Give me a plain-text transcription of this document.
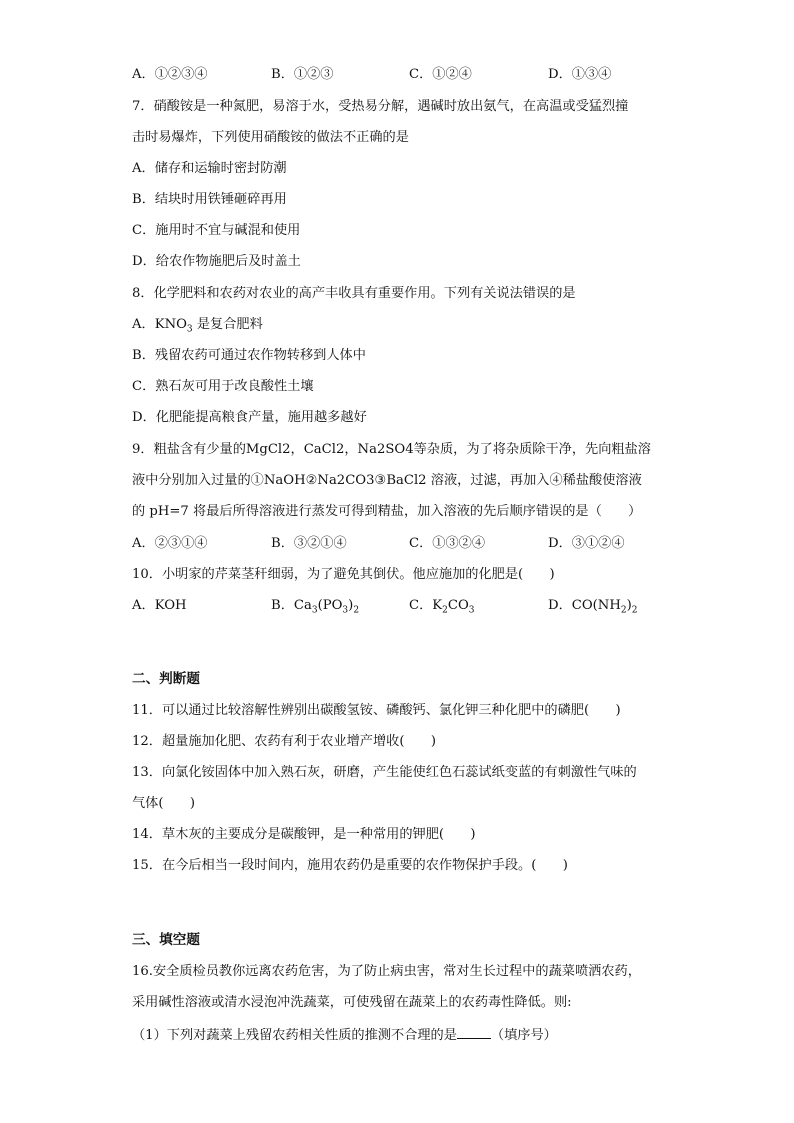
A．①②③④	B．①②③	C．①②④	D．①③④
7．硝酸铵是一种氮肥，易溶于水，受热易分解，遇碱时放出氨气，在高温或受猛烈撞
击时易爆炸，下列使用硝酸铵的做法不正确的是
A．储存和运输时密封防潮
B．结块时用铁锤砸碎再用
C．施用时不宜与碱混和使用
D．给农作物施肥后及时盖土
8．化学肥料和农药对农业的高产丰收具有重要作用。下列有关说法错误的是
A．$KNO_3$ 是复合肥料
B．残留农药可通过农作物转移到人体中
C．熟石灰可用于改良酸性土壤
D．化肥能提高粮食产量，施用越多越好
9．粗盐含有少量的MgCl2，CaCl2，Na2SO4等杂质，为了将杂质除干净，先向粗盐溶
液中分别加入过量的①NaOH②Na2CO3③BaCl2 溶液，过滤，再加入④稀盐酸使溶液
的 pH=7 将最后所得溶液进行蒸发可得到精盐，加入溶液的先后顺序错误的是（　　）
A．②③①④	B．③②①④	C．①③②④	D．③①②④
10．小明家的芹菜茎秆细弱，为了避免其倒伏。他应施加的化肥是(　　)
A．KOH	B．$Ca_3(PO_3)_2$	C．$K_2CO_3$	D．$CO(NH_2)_2$
二、判断题
11．可以通过比较溶解性辨别出碳酸氢铵、磷酸钙、氯化钾三种化肥中的磷肥(　　)
12．超量施加化肥、农药有利于农业增产增收(　　)
13．向氯化铵固体中加入熟石灰，研磨，产生能使红色石蕊试纸变蓝的有刺激性气味的
气体(　　)
14．草木灰的主要成分是碳酸钾，是一种常用的钾肥(　　)
15．在今后相当一段时间内，施用农药仍是重要的农作物保护手段。(　　)
三、填空题
16.安全质检员教你远离农药危害，为了防止病虫害，常对生长过程中的蔬菜喷洒农药，
采用碱性溶液或清水浸泡冲洗蔬菜，可使残留在蔬菜上的农药毒性降低。则:
（1）下列对蔬菜上残留农药相关性质的推测不合理的是	（填序号）
